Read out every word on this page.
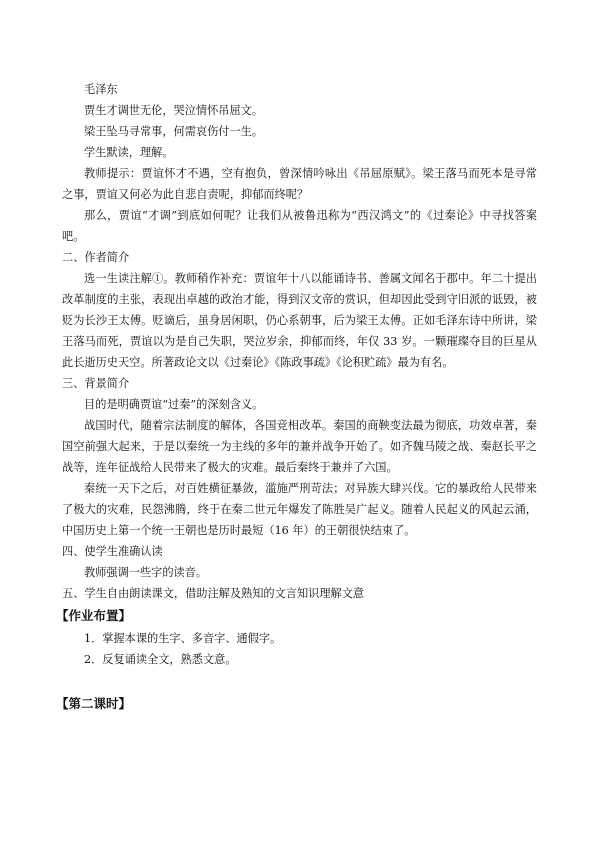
毛泽东
贾生才调世无伦，哭泣情怀吊屈文。
梁王坠马寻常事，何需哀伤付一生。
学生默读，理解。

教师提示：贾谊怀才不遇，空有抱负，曾深情吟咏出《吊屈原赋》。梁王落马而死本是寻常之事，贾谊又何必为此自悲自责呢，抑郁而终呢？

那么，贾谊“才调”到底如何呢？让我们从被鲁迅称为“西汉鸿文”的《过秦论》中寻找答案吧。

二、作者简介

选一生读注解①。教师稍作补充：贾谊年十八以能诵诗书、善属文闻名于郡中。年二十提出改革制度的主张，表现出卓越的政治才能，得到汉文帝的赏识，但却因此受到守旧派的诋毁，被贬为长沙王太傅。贬谪后，虽身居闲职，仍心系朝事，后为梁王太傅。正如毛泽东诗中所讲，梁王落马而死，贾谊以为是自己失职，哭泣岁余，抑郁而终，年仅 33 岁。一颗璀璨夺目的巨星从此长逝历史天空。所著政论文以《过秦论》《陈政事疏》《论积贮疏》最为有名。

三、背景简介
目的是明确贾谊“过秦”的深刻含义。

战国时代，随着宗法制度的解体，各国竞相改革。秦国的商鞅变法最为彻底，功效卓著，秦国空前强大起来，于是以秦统一为主线的多年的兼并战争开始了。如齐魏马陵之战、秦赵长平之战等，连年征战给人民带来了极大的灾难。最后秦终于兼并了六国。

秦统一天下之后，对百姓横征暴敛，滥施严刑苛法；对异族大肆兴伐。它的暴政给人民带来了极大的灾难，民怨沸腾，终于在秦二世元年爆发了陈胜吴广起义。随着人民起义的风起云涌，中国历史上第一个统一王朝也是历时最短（16 年）的王朝很快结束了。

四、使学生准确认读
教师强调一些字的读音。
五、学生自由朗读课文，借助注解及熟知的文言知识理解文意
【作业布置】
1．掌握本课的生字、多音字、通假字。
2．反复诵读全文，熟悉文意。
【第二课时】
